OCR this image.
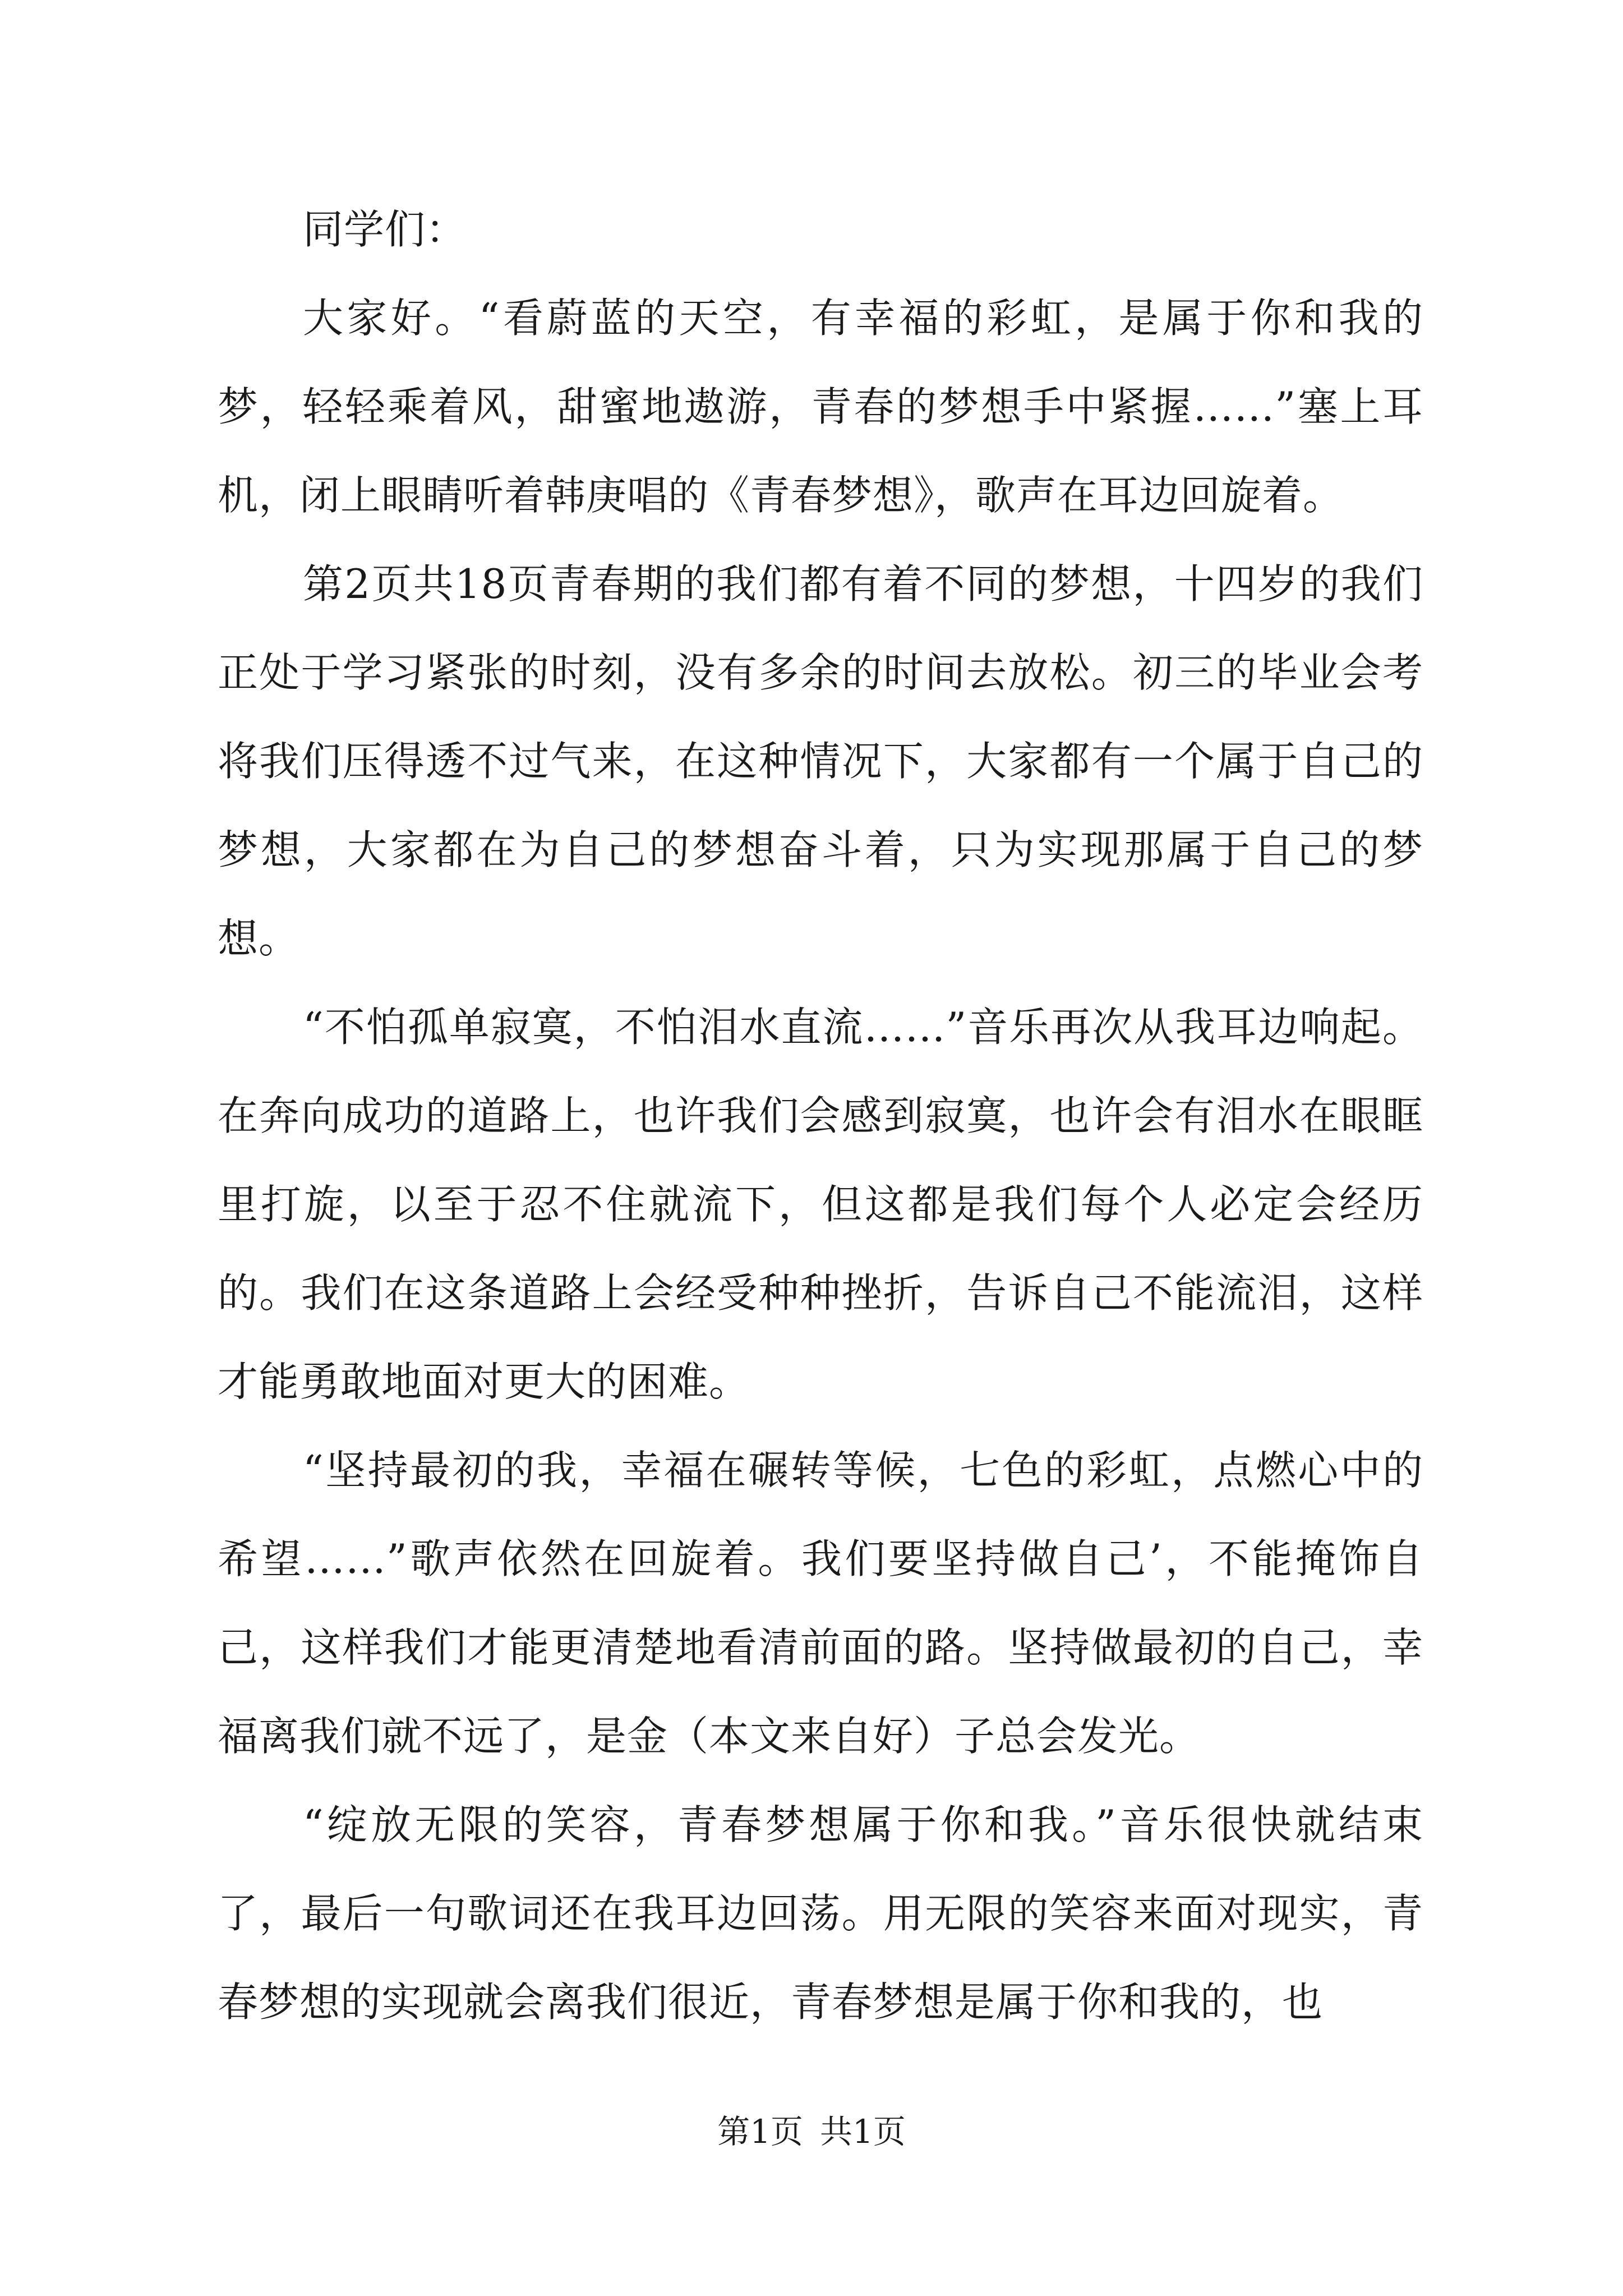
同学们：

大家好。“看蔚蓝的天空，有幸福的彩虹，是属于你和我的梦，轻轻乘着风，甜蜜地遨游，青春的梦想手中紧握……”塞上耳机，闭上眼睛听着韩庚唱的《青春梦想》，歌声在耳边回旋着。

第2页共18页青春期的我们都有着不同的梦想，十四岁的我们正处于学习紧张的时刻，没有多余的时间去放松。初三的毕业会考将我们压得透不过气来，在这种情况下，大家都有一个属于自己的梦想，大家都在为自己的梦想奋斗着，只为实现那属于自己的梦想。

“不怕孤单寂寞，不怕泪水直流……”音乐再次从我耳边响起。在奔向成功的道路上，也许我们会感到寂寞，也许会有泪水在眼眶里打旋，以至于忍不住就流下，但这都是我们每个人必定会经历的。我们在这条道路上会经受种种挫折，告诉自己不能流泪，这样才能勇敢地面对更大的困难。

“坚持最初的我，幸福在碾转等候，七色的彩虹，点燃心中的希望……”歌声依然在回旋着。我们要坚持做自己’，不能掩饰自己，这样我们才能更清楚地看清前面的路。坚持做最初的自己，幸福离我们就不远了，是金（本文来自好）子总会发光。

“绽放无限的笑容，青春梦想属于你和我。”音乐很快就结束了，最后一句歌词还在我耳边回荡。用无限的笑容来面对现实，青春梦想的实现就会离我们很近，青春梦想是属于你和我的，也

第1页 共1页
